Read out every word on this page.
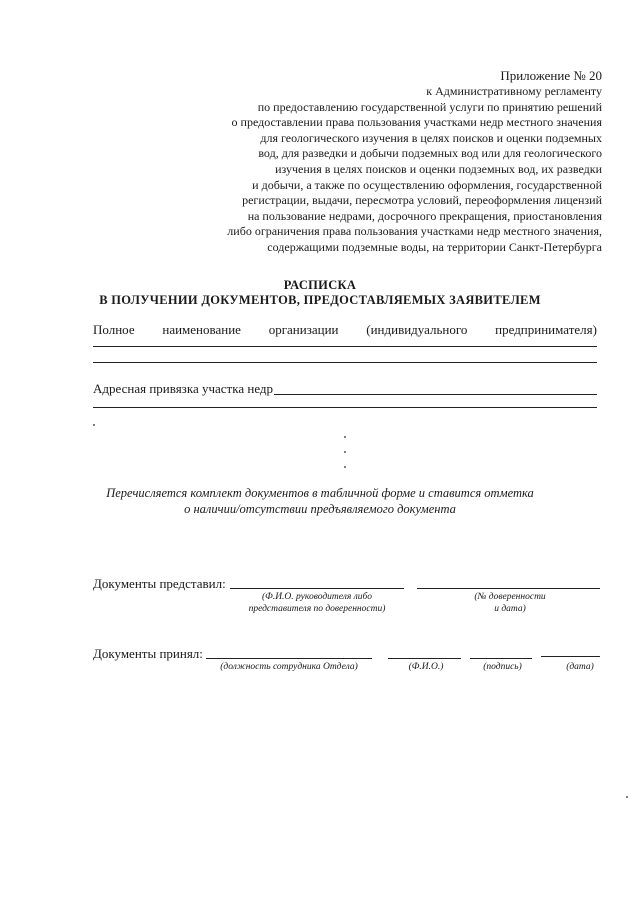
Приложение № 20
к Административному регламенту
по предоставлению государственной услуги по принятию решений
о предоставлении права пользования участками недр местного значения
для геологического изучения в целях поисков и оценки подземных
вод, для разведки и добычи подземных вод или для геологического
изучения в целях поисков и оценки подземных вод, их разведки
и добычи, а также по осуществлению оформления, государственной
регистрации, выдачи, пересмотра условий, переоформления лицензий
на пользование недрами, досрочного прекращения, приостановления
либо ограничения права пользования участками недр местного значения,
содержащими подземные воды, на территории Санкт-Петербурга
РАСПИСКА
В ПОЛУЧЕНИИ ДОКУМЕНТОВ, ПРЕДОСТАВЛЯЕМЫХ ЗАЯВИТЕЛЕМ
Полное наименование организации (индивидуального предпринимателя)
Адресная привязка участка недр
Перечисляется комплект документов в табличной форме и ставится отметка
о наличии/отсутствии предъявляемого документа
Документы представил:
(Ф.И.О. руководителя либо
представителя по доверенности)
(№ доверенности
и дата)
Документы принял:
(должность сотрудника Отдела)	(Ф.И.О.)	(подпись)	(дата)
